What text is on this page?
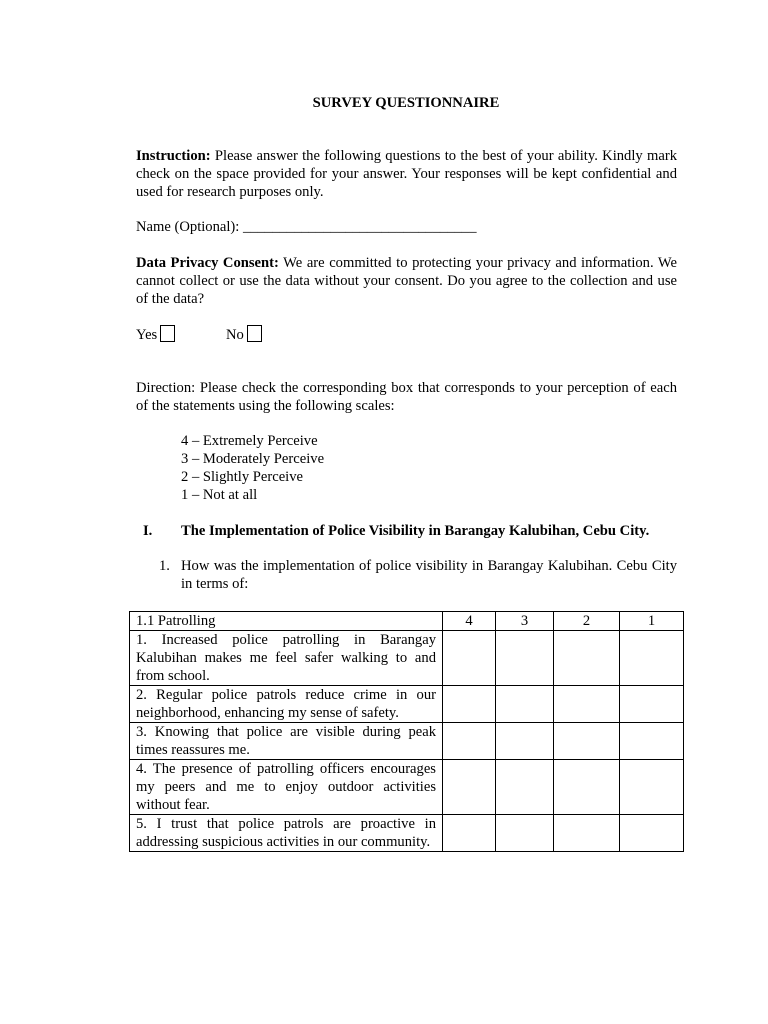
SURVEY QUESTIONNAIRE
Instruction: Please answer the following questions to the best of your ability. Kindly mark check on the space provided for your answer. Your responses will be kept confidential and used for research purposes only.
Name (Optional): ________________________________
Data Privacy Consent: We are committed to protecting your privacy and information. We cannot collect or use the data without your consent. Do you agree to the collection and use of the data?
Yes	No
Direction: Please check the corresponding box that corresponds to your perception of each of the statements using the following scales:
4 – Extremely Perceive
3 – Moderately Perceive
2 – Slightly Perceive
1 – Not at all
I. The Implementation of Police Visibility in Barangay Kalubihan, Cebu City.
1. How was the implementation of police visibility in Barangay Kalubihan. Cebu City in terms of:
1.1 Patrolling	4	3	2	1
1. Increased police patrolling in Barangay Kalubihan makes me feel safer walking to and from school.				
2. Regular police patrols reduce crime in our neighborhood, enhancing my sense of safety.				
3. Knowing that police are visible during peak times reassures me.				
4. The presence of patrolling officers encourages my peers and me to enjoy outdoor activities without fear.				
5. I trust that police patrols are proactive in addressing suspicious activities in our community.				
